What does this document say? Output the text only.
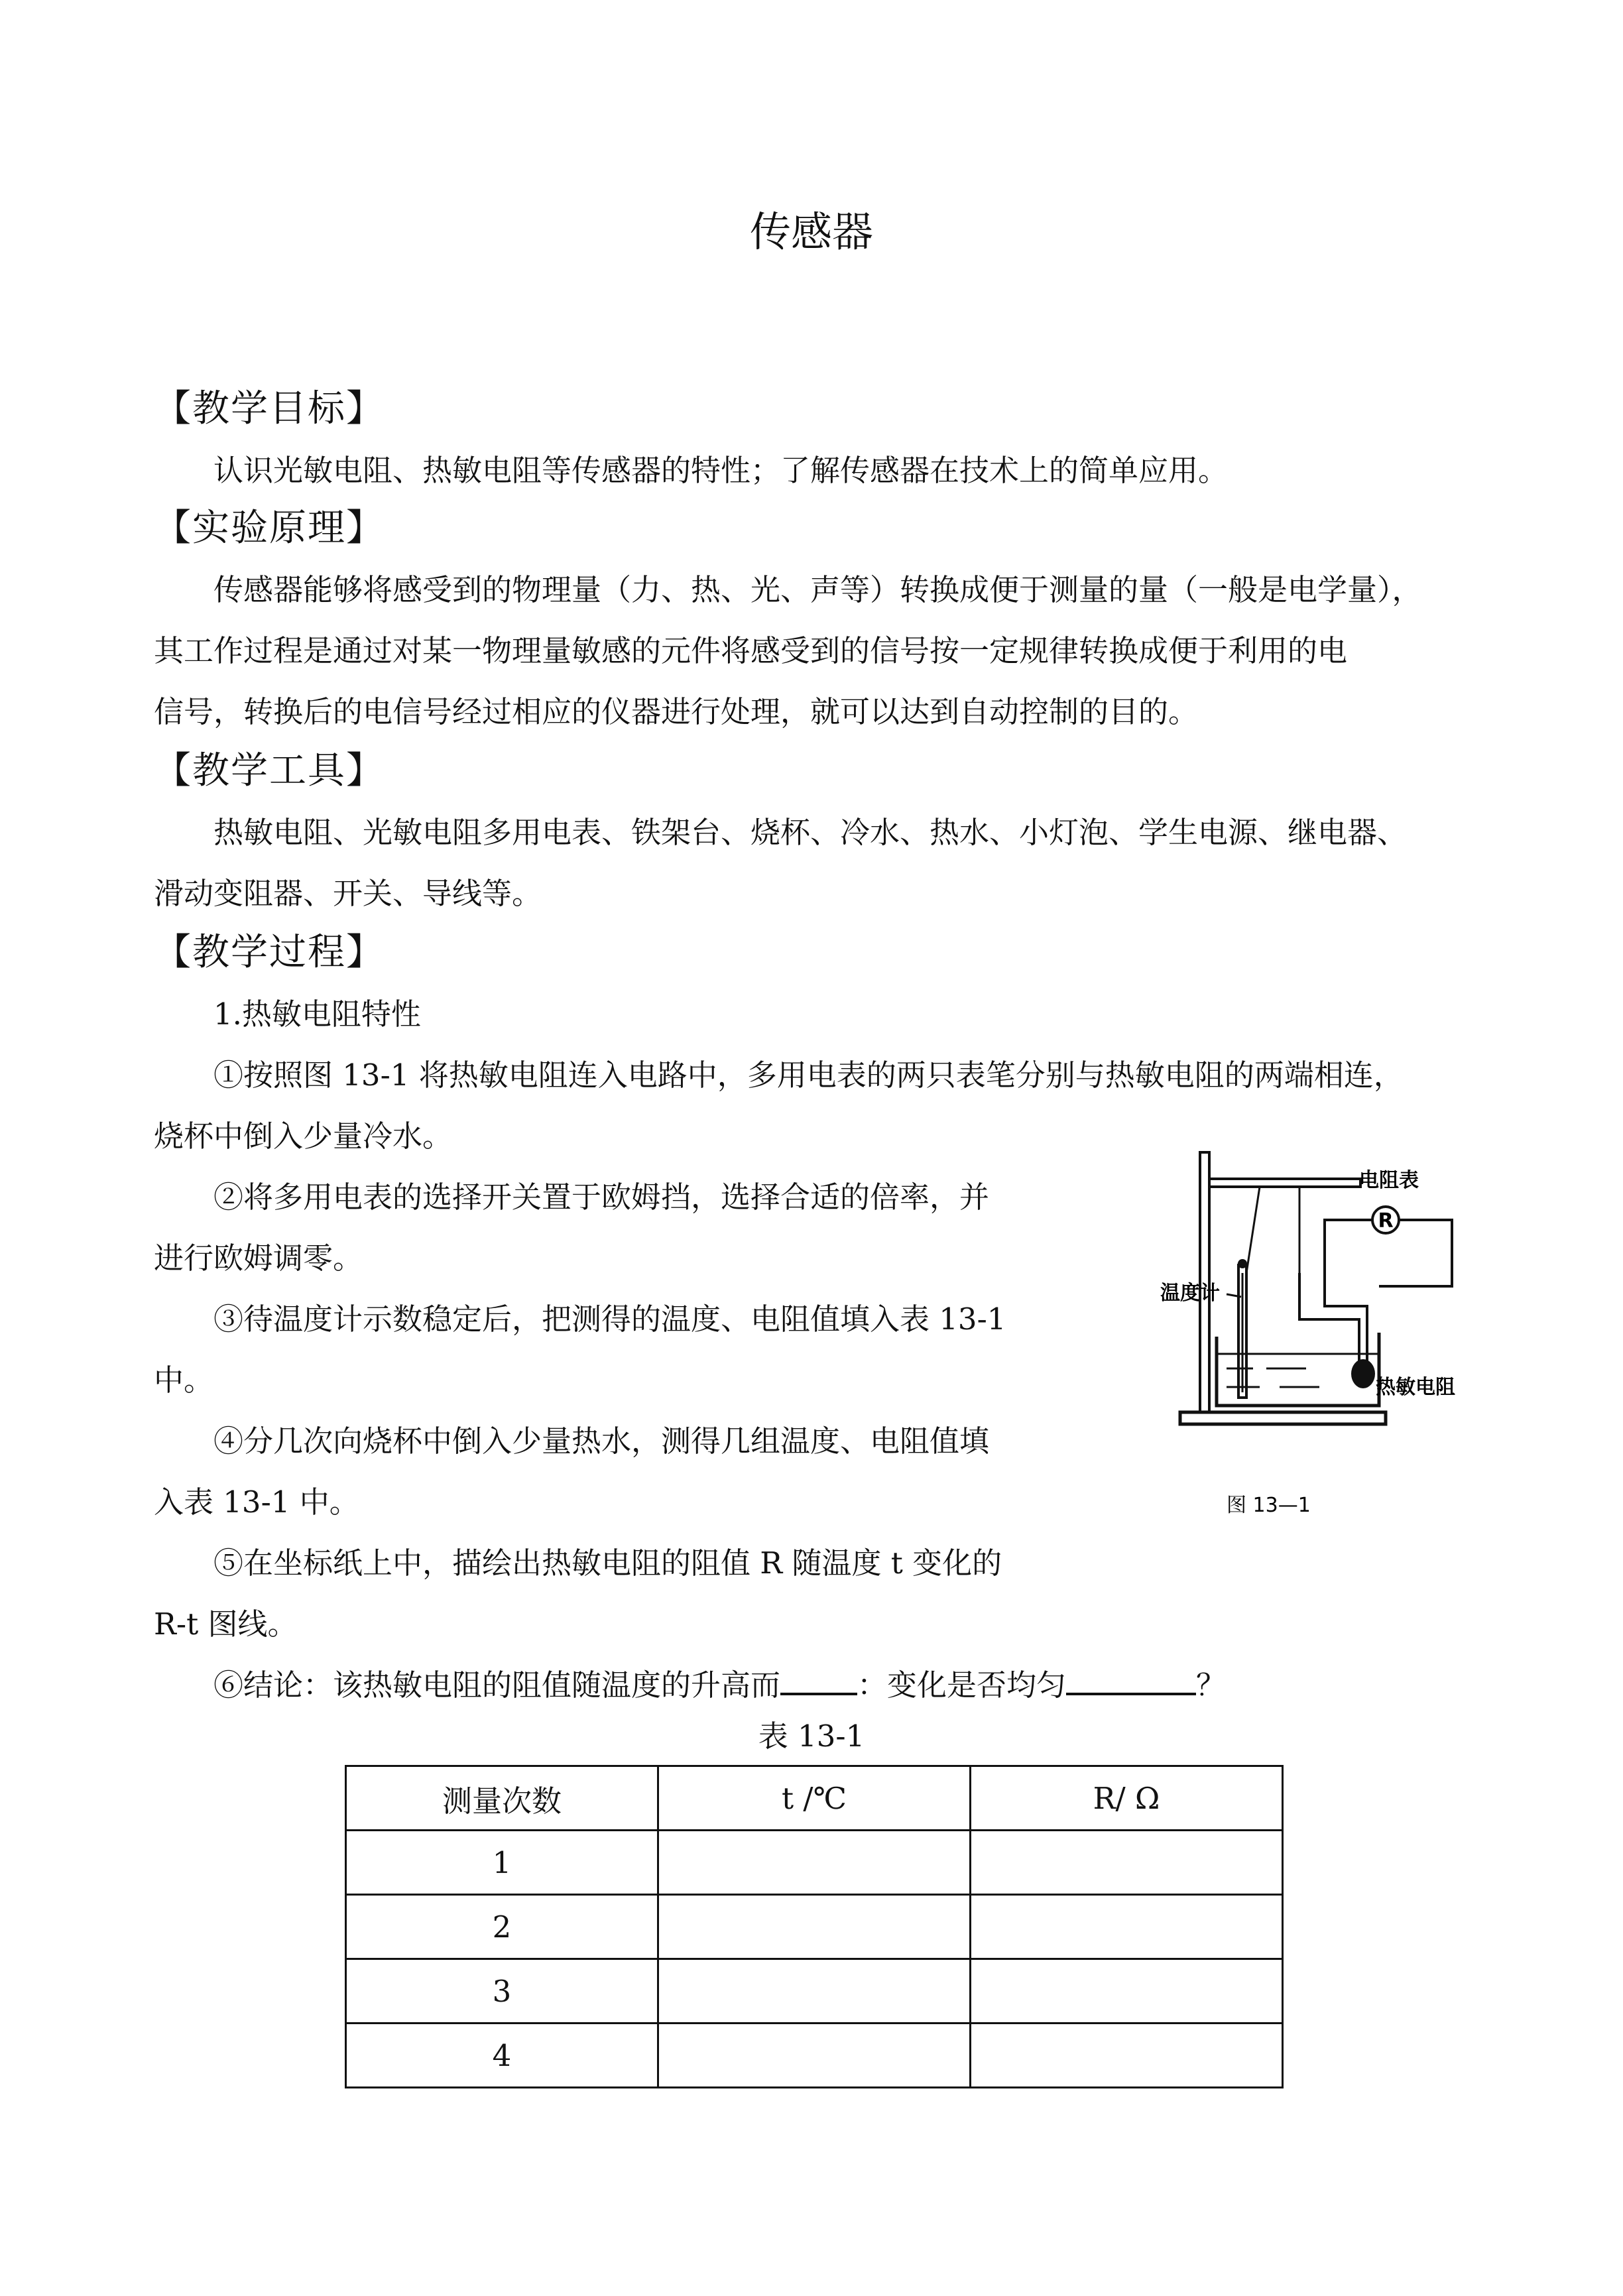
传感器
【教学目标】
认识光敏电阻、热敏电阻等传感器的特性；了解传感器在技术上的简单应用。
【实验原理】
传感器能够将感受到的物理量（力、热、光、声等）转换成便于测量的量（一般是电学量），
其工作过程是通过对某一物理量敏感的元件将感受到的信号按一定规律转换成便于利用的电
信号，转换后的电信号经过相应的仪器进行处理，就可以达到自动控制的目的。
【教学工具】
热敏电阻、光敏电阻多用电表、铁架台、烧杯、冷水、热水、小灯泡、学生电源、继电器、
滑动变阻器、开关、导线等。
【教学过程】
1.热敏电阻特性
①按照图 13-1 将热敏电阻连入电路中，多用电表的两只表笔分别与热敏电阻的两端相连，
烧杯中倒入少量冷水。
②将多用电表的选择开关置于欧姆挡，选择合适的倍率，并
进行欧姆调零。
③待温度计示数稳定后，把测得的温度、电阻值填入表 13-1
中。
④分几次向烧杯中倒入少量热水，测得几组温度、电阻值填
入表 13-1 中。
⑤在坐标纸上中，描绘出热敏电阻的阻值 R 随温度 t 变化的
R-t 图线。
⑥结论：该热敏电阻的阻值随温度的升高而	：变化是否均匀	？
R
电阻表
温度计
热敏电阻
图 13—1
表 13-1
测量次数	t /℃	R/ Ω
1		
2		
3		
4		
